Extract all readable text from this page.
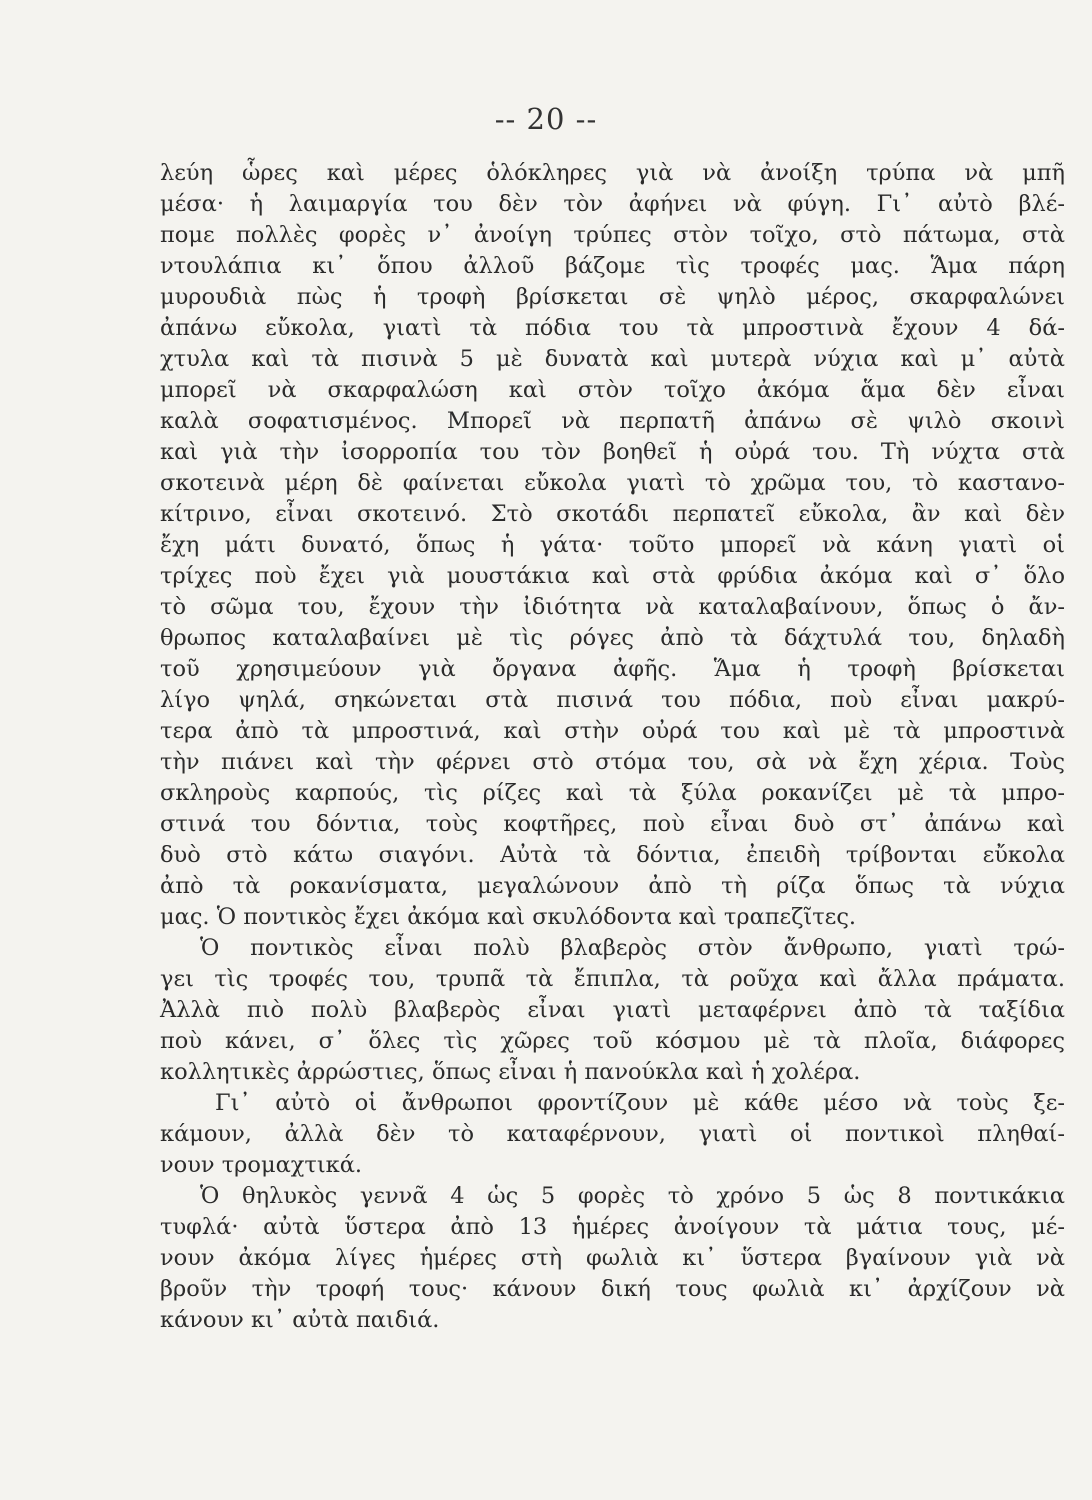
-- 20 --
λεύη ὧρες καὶ μέρες ὁλόκληρες γιὰ νὰ ἀνοίξη τρύπα νὰ μπῆ
μέσα· ἡ λαιμαργία του δὲν τὸν ἀφήνει νὰ φύγη. Γι᾽ αὐτὸ βλέ-
πομε πολλὲς φορὲς ν᾽ ἀνοίγη τρύπες στὸν τοῖχο, στὸ πάτωμα, στὰ
ντουλάπια κι᾽ ὅπου ἀλλοῦ βάζομε τὶς τροφές μας. Ἅμα πάρη
μυρουδιὰ πὼς ἡ τροφὴ βρίσκεται σὲ ψηλὸ μέρος, σκαρφαλώνει
ἀπάνω εὔκολα, γιατὶ τὰ πόδια του τὰ μπροστινὰ ἔχουν 4 δά-
χτυλα καὶ τὰ πισινὰ 5 μὲ δυνατὰ καὶ μυτερὰ νύχια καὶ μ᾽ αὐτὰ
μπορεῖ νὰ σκαρφαλώση καὶ στὸν τοῖχο ἀκόμα ἅμα δὲν εἶναι
καλὰ σοφατισμένος. Μπορεῖ νὰ περπατῆ ἀπάνω σὲ ψιλὸ σκοινὶ
καὶ γιὰ τὴν ἰσορροπία του τὸν βοηθεῖ ἡ οὐρά του. Τὴ νύχτα στὰ
σκοτεινὰ μέρη δὲ φαίνεται εὔκολα γιατὶ τὸ χρῶμα του, τὸ καστανο-
κίτρινο, εἶναι σκοτεινό. Στὸ σκοτάδι περπατεῖ εὔκολα, ἂν καὶ δὲν
ἔχη μάτι δυνατό, ὅπως ἡ γάτα· τοῦτο μπορεῖ νὰ κάνη γιατὶ οἱ
τρίχες ποὺ ἔχει γιὰ μουστάκια καὶ στὰ φρύδια ἀκόμα καὶ σ᾽ ὅλο
τὸ σῶμα του, ἔχουν τὴν ἰδιότητα νὰ καταλαβαίνουν, ὅπως ὁ ἄν-
θρωπος καταλαβαίνει μὲ τὶς ρόγες ἀπὸ τὰ δάχτυλά του, δηλαδὴ
τοῦ χρησιμεύουν γιὰ ὄργανα ἀφῆς. Ἅμα ἡ τροφὴ βρίσκεται
λίγο ψηλά, σηκώνεται στὰ πισινά του πόδια, ποὺ εἶναι μακρύ-
τερα ἀπὸ τὰ μπροστινά, καὶ στὴν οὐρά του καὶ μὲ τὰ μπροστινὰ
τὴν πιάνει καὶ τὴν φέρνει στὸ στόμα του, σὰ νὰ ἔχη χέρια. Τοὺς
σκληροὺς καρπούς, τὶς ρίζες καὶ τὰ ξύλα ροκανίζει μὲ τὰ μπρο-
στινά του δόντια, τοὺς κοφτῆρες, ποὺ εἶναι δυὸ στ᾽ ἀπάνω καὶ
δυὸ στὸ κάτω σιαγόνι. Αὐτὰ τὰ δόντια, ἐπειδὴ τρίβονται εὔκολα
ἀπὸ τὰ ροκανίσματα, μεγαλώνουν ἀπὸ τὴ ρίζα ὅπως τὰ νύχια
μας. Ὁ ποντικὸς ἔχει ἀκόμα καὶ σκυλόδοντα καὶ τραπεζῖτες.
Ὁ ποντικὸς εἶναι πολὺ βλαβερὸς στὸν ἄνθρωπο, γιατὶ τρώ-
γει τὶς τροφές του, τρυπᾶ τὰ ἔπιπλα, τὰ ροῦχα καὶ ἄλλα πράματα.
Ἀλλὰ πιὸ πολὺ βλαβερὸς εἶναι γιατὶ μεταφέρνει ἀπὸ τὰ ταξίδια
ποὺ κάνει, σ᾽ ὅλες τὶς χῶρες τοῦ κόσμου μὲ τὰ πλοῖα, διάφορες
κολλητικὲς ἀρρώστιες, ὅπως εἶναι ἡ πανούκλα καὶ ἡ χολέρα.
Γι᾽ αὐτὸ οἱ ἄνθρωποι φροντίζουν μὲ κάθε μέσο νὰ τοὺς ξε-
κάμουν, ἀλλὰ δὲν τὸ καταφέρνουν, γιατὶ οἱ ποντικοὶ πληθαί-
νουν τρομαχτικά.
Ὁ θηλυκὸς γεννᾶ 4 ὡς 5 φορὲς τὸ χρόνο 5 ὡς 8 ποντικάκια
τυφλά· αὐτὰ ὕστερα ἀπὸ 13 ἡμέρες ἀνοίγουν τὰ μάτια τους, μέ-
νουν ἀκόμα λίγες ἡμέρες στὴ φωλιὰ κι᾽ ὕστερα βγαίνουν γιὰ νὰ
βροῦν τὴν τροφή τους· κάνουν δική τους φωλιὰ κι᾽ ἀρχίζουν νὰ
κάνουν κι᾽ αὐτὰ παιδιά.
